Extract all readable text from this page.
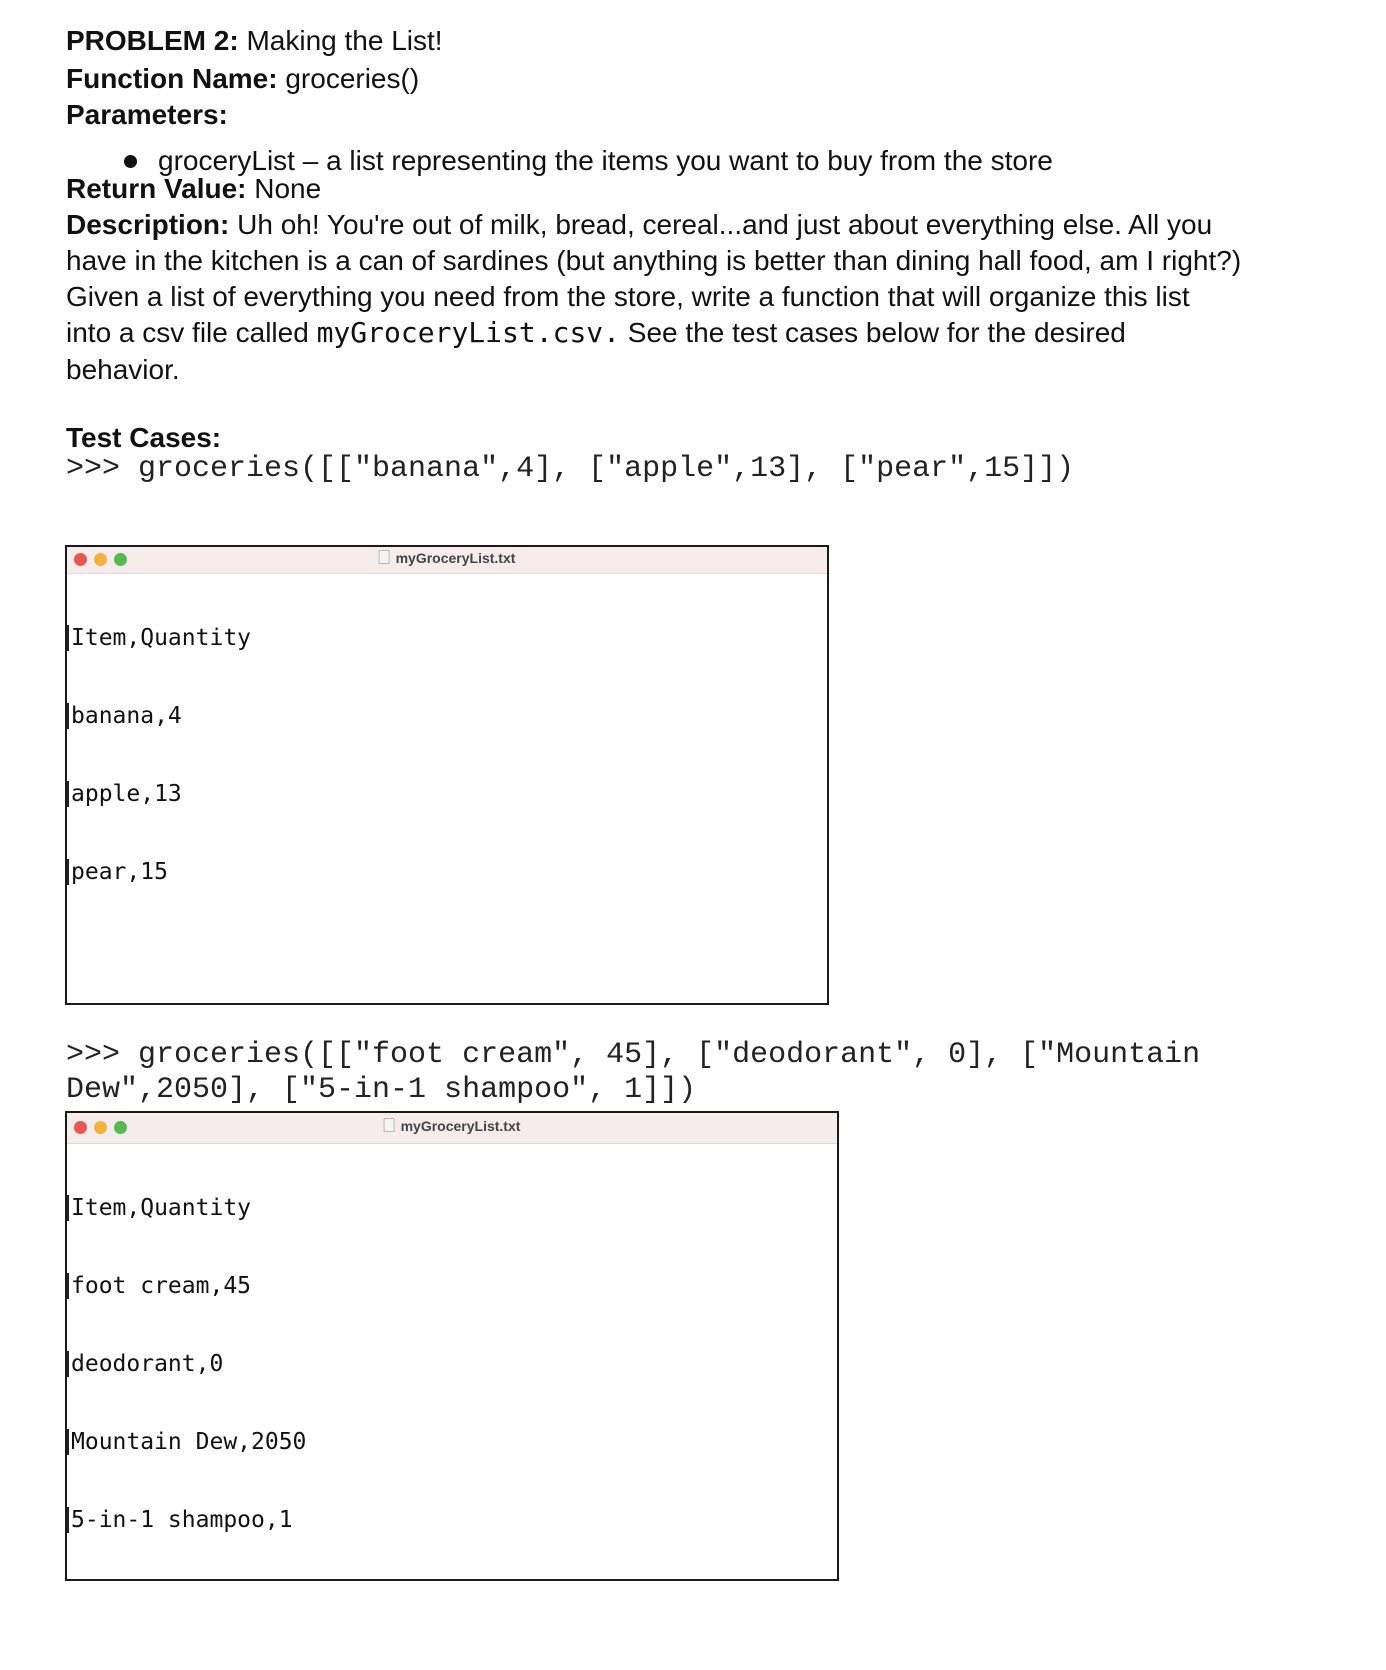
PROBLEM 2: Making the List!
Function Name: groceries()
Parameters:
groceryList – a list representing the items you want to buy from the store
Return Value: None
Description: Uh oh! You're out of milk, bread, cereal...and just about everything else. All you
have in the kitchen is a can of sardines (but anything is better than dining hall food, am I right?)
Given a list of everything you need from the store, write a function that will organize this list
into a csv file called myGroceryList.csv. See the test cases below for the desired
behavior.
Test Cases:
>>> groceries([["banana",4], ["apple",13], ["pear",15]])
myGroceryList.txt

Item,Quantity

banana,4

apple,13

pear,15

>>> groceries([["foot cream", 45], ["deodorant", 0], ["Mountain
Dew",2050], ["5-in-1 shampoo", 1]])
myGroceryList.txt

Item,Quantity

foot cream,45

deodorant,0

Mountain Dew,2050

5-in-1 shampoo,1
